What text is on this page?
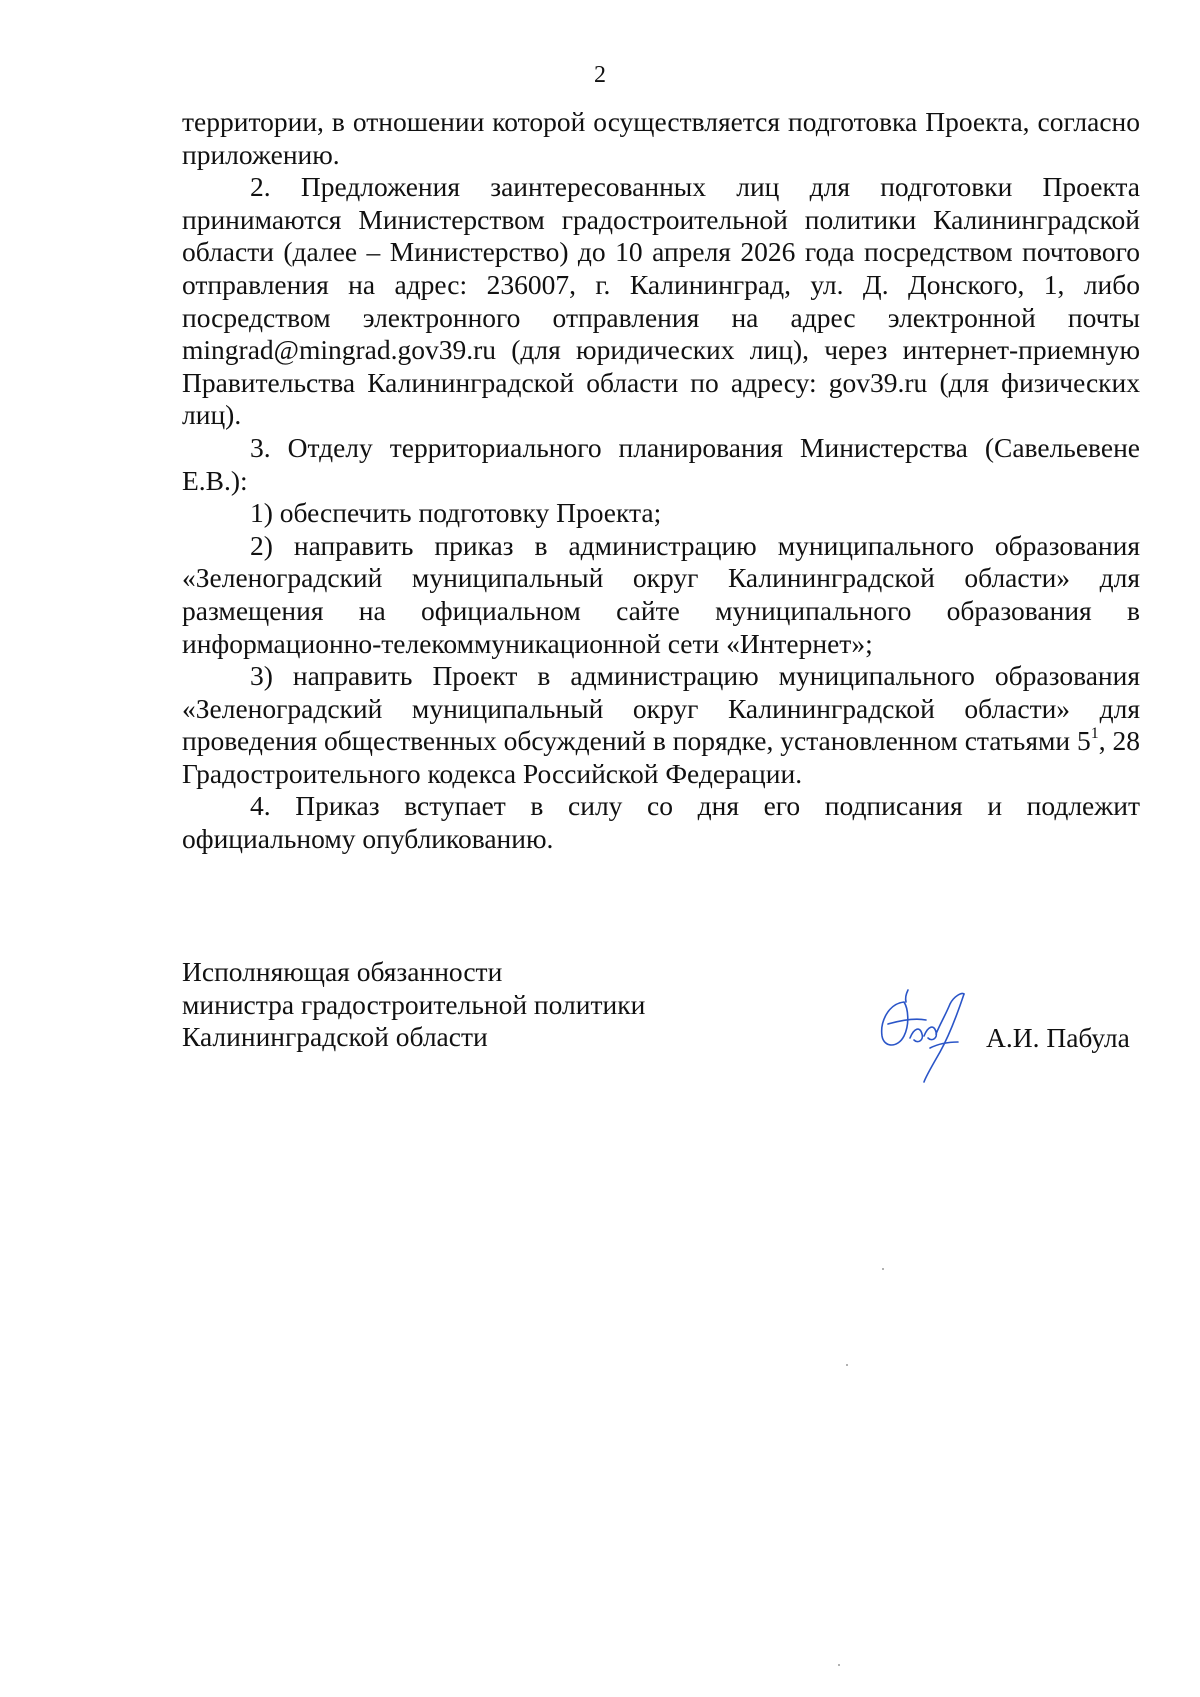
2

территории, в отношении которой осуществляется подготовка Проекта, согласно приложению.

2. Предложения заинтересованных лиц для подготовки Проекта принимаются Министерством градостроительной политики Калининградской области (далее – Министерство) до 10 апреля 2026 года посредством почтового отправления на адрес: 236007, г. Калининград, ул. Д. Донского, 1, либо посредством электронного отправления на адрес электронной почты mingrad@mingrad.gov39.ru (для юридических лиц), через интернет-приемную Правительства Калининградской области по адресу: gov39.ru (для физических лиц).

3. Отделу территориального планирования Министерства (Савельевене Е.В.):

1) обеспечить подготовку Проекта;

2) направить приказ в администрацию муниципального образования «Зеленоградский муниципальный округ Калининградской области» для размещения на официальном сайте муниципального образования в информационно-телекоммуникационной сети «Интернет»;

3) направить Проект в администрацию муниципального образования «Зеленоградский муниципальный округ Калининградской области» для проведения общественных обсуждений в порядке, установленном статьями $5^1$, 28 Градостроительного кодекса Российской Федерации.

4. Приказ вступает в силу со дня его подписания и подлежит официальному опубликованию.

Исполняющая обязанности
министра градостроительной политики
Калининградской области	А.И. Пабула
